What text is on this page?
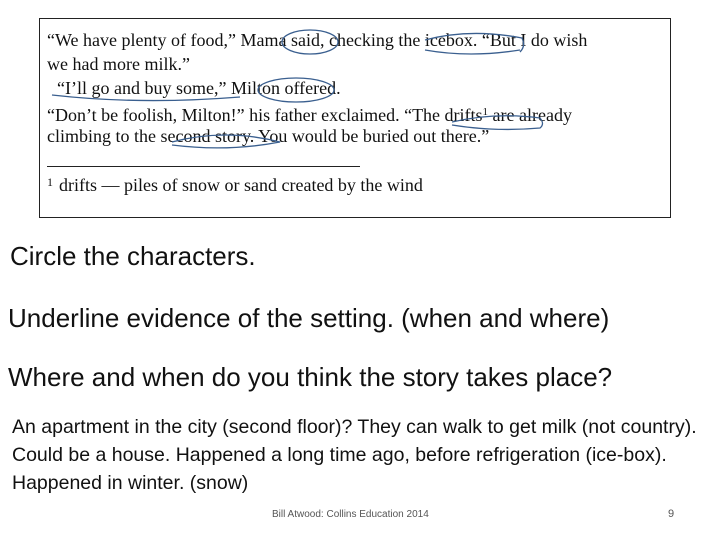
“We have plenty of food,” Mama said, checking the icebox. “But I do wish
we had more milk.”
“I’ll go and buy some,” Milton offered.
“Don’t be foolish, Milton!” his father exclaimed. “The drifts$^1$ are already
climbing to the second story. You would be buried out there.”
$^1$ drifts — piles of snow or sand created by the wind
Circle the characters.
Underline evidence of the setting. (when and where)
Where and when do you think the story takes place?
An apartment in the city (second floor)? They can walk to get milk (not country). Could be a house. Happened a long time ago, before refrigeration (ice-box). Happened in winter. (snow)
Bill Atwood: Collins Education 2014	9
